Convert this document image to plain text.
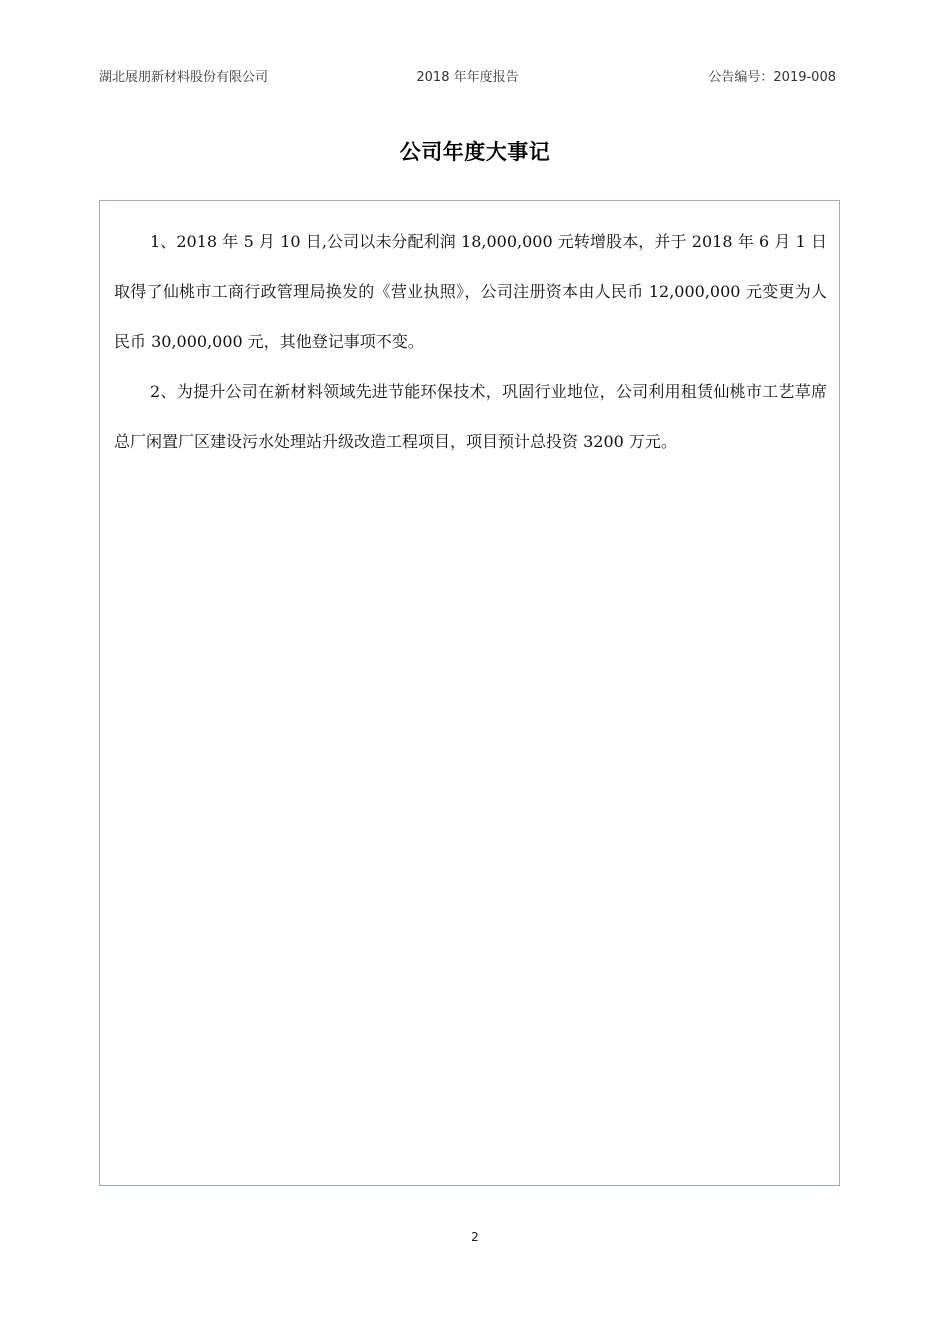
湖北展朋新材料股份有限公司	2018 年年度报告	公告编号：2019-008
公司年度大事记

1、2018 年 5 月 10 日,公司以未分配利润 18,000,000 元转增股本，并于 2018 年 6 月 1 日取得了仙桃市工商行政管理局换发的《营业执照》，公司注册资本由人民币 12,000,000 元变更为人民币 30,000,000 元，其他登记事项不变。

2、为提升公司在新材料领域先进节能环保技术，巩固行业地位，公司利用租赁仙桃市工艺草席总厂闲置厂区建设污水处理站升级改造工程项目，项目预计总投资 3200 万元。

2
